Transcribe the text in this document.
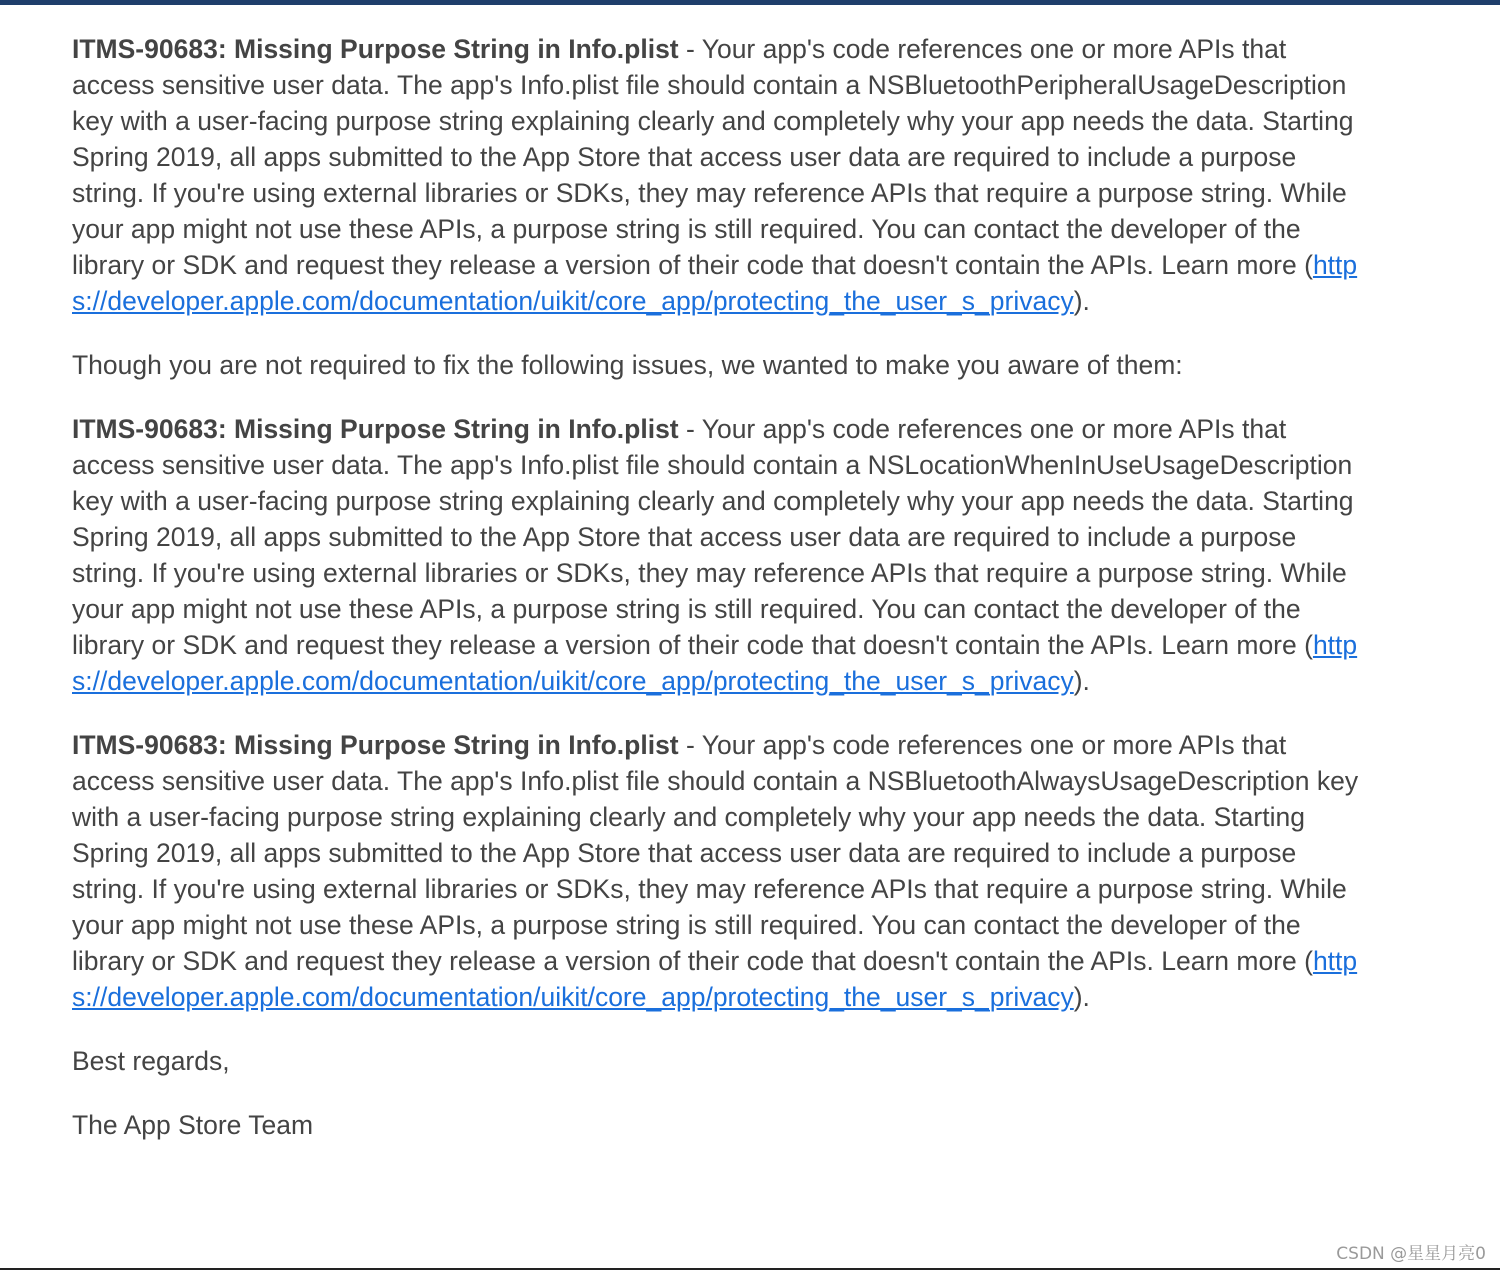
ITMS-90683: Missing Purpose String in Info.plist - Your app's code references one or more APIs that access sensitive user data. The app's Info.plist file should contain a NSBluetoothPeripheralUsageDescription key with a user-facing purpose string explaining clearly and completely why your app needs the data. Starting Spring 2019, all apps submitted to the App Store that access user data are required to include a purpose string. If you're using external libraries or SDKs, they may reference APIs that require a purpose string. While your app might not use these APIs, a purpose string is still required. You can contact the developer of the library or SDK and request they release a version of their code that doesn't contain the APIs. Learn more (https://developer.apple.com/documentation/uikit/core_app/protecting_the_user_s_privacy).

Though you are not required to fix the following issues, we wanted to make you aware of them:

ITMS-90683: Missing Purpose String in Info.plist - Your app's code references one or more APIs that access sensitive user data. The app's Info.plist file should contain a NSLocationWhenInUseUsageDescription key with a user-facing purpose string explaining clearly and completely why your app needs the data. Starting Spring 2019, all apps submitted to the App Store that access user data are required to include a purpose string. If you're using external libraries or SDKs, they may reference APIs that require a purpose string. While your app might not use these APIs, a purpose string is still required. You can contact the developer of the library or SDK and request they release a version of their code that doesn't contain the APIs. Learn more (https://developer.apple.com/documentation/uikit/core_app/protecting_the_user_s_privacy).

ITMS-90683: Missing Purpose String in Info.plist - Your app's code references one or more APIs that access sensitive user data. The app's Info.plist file should contain a NSBluetoothAlwaysUsageDescription key with a user-facing purpose string explaining clearly and completely why your app needs the data. Starting Spring 2019, all apps submitted to the App Store that access user data are required to include a purpose string. If you're using external libraries or SDKs, they may reference APIs that require a purpose string. While your app might not use these APIs, a purpose string is still required. You can contact the developer of the library or SDK and request they release a version of their code that doesn't contain the APIs. Learn more (https://developer.apple.com/documentation/uikit/core_app/protecting_the_user_s_privacy).

Best regards,

The App Store Team

CSDN @星星月亮0
